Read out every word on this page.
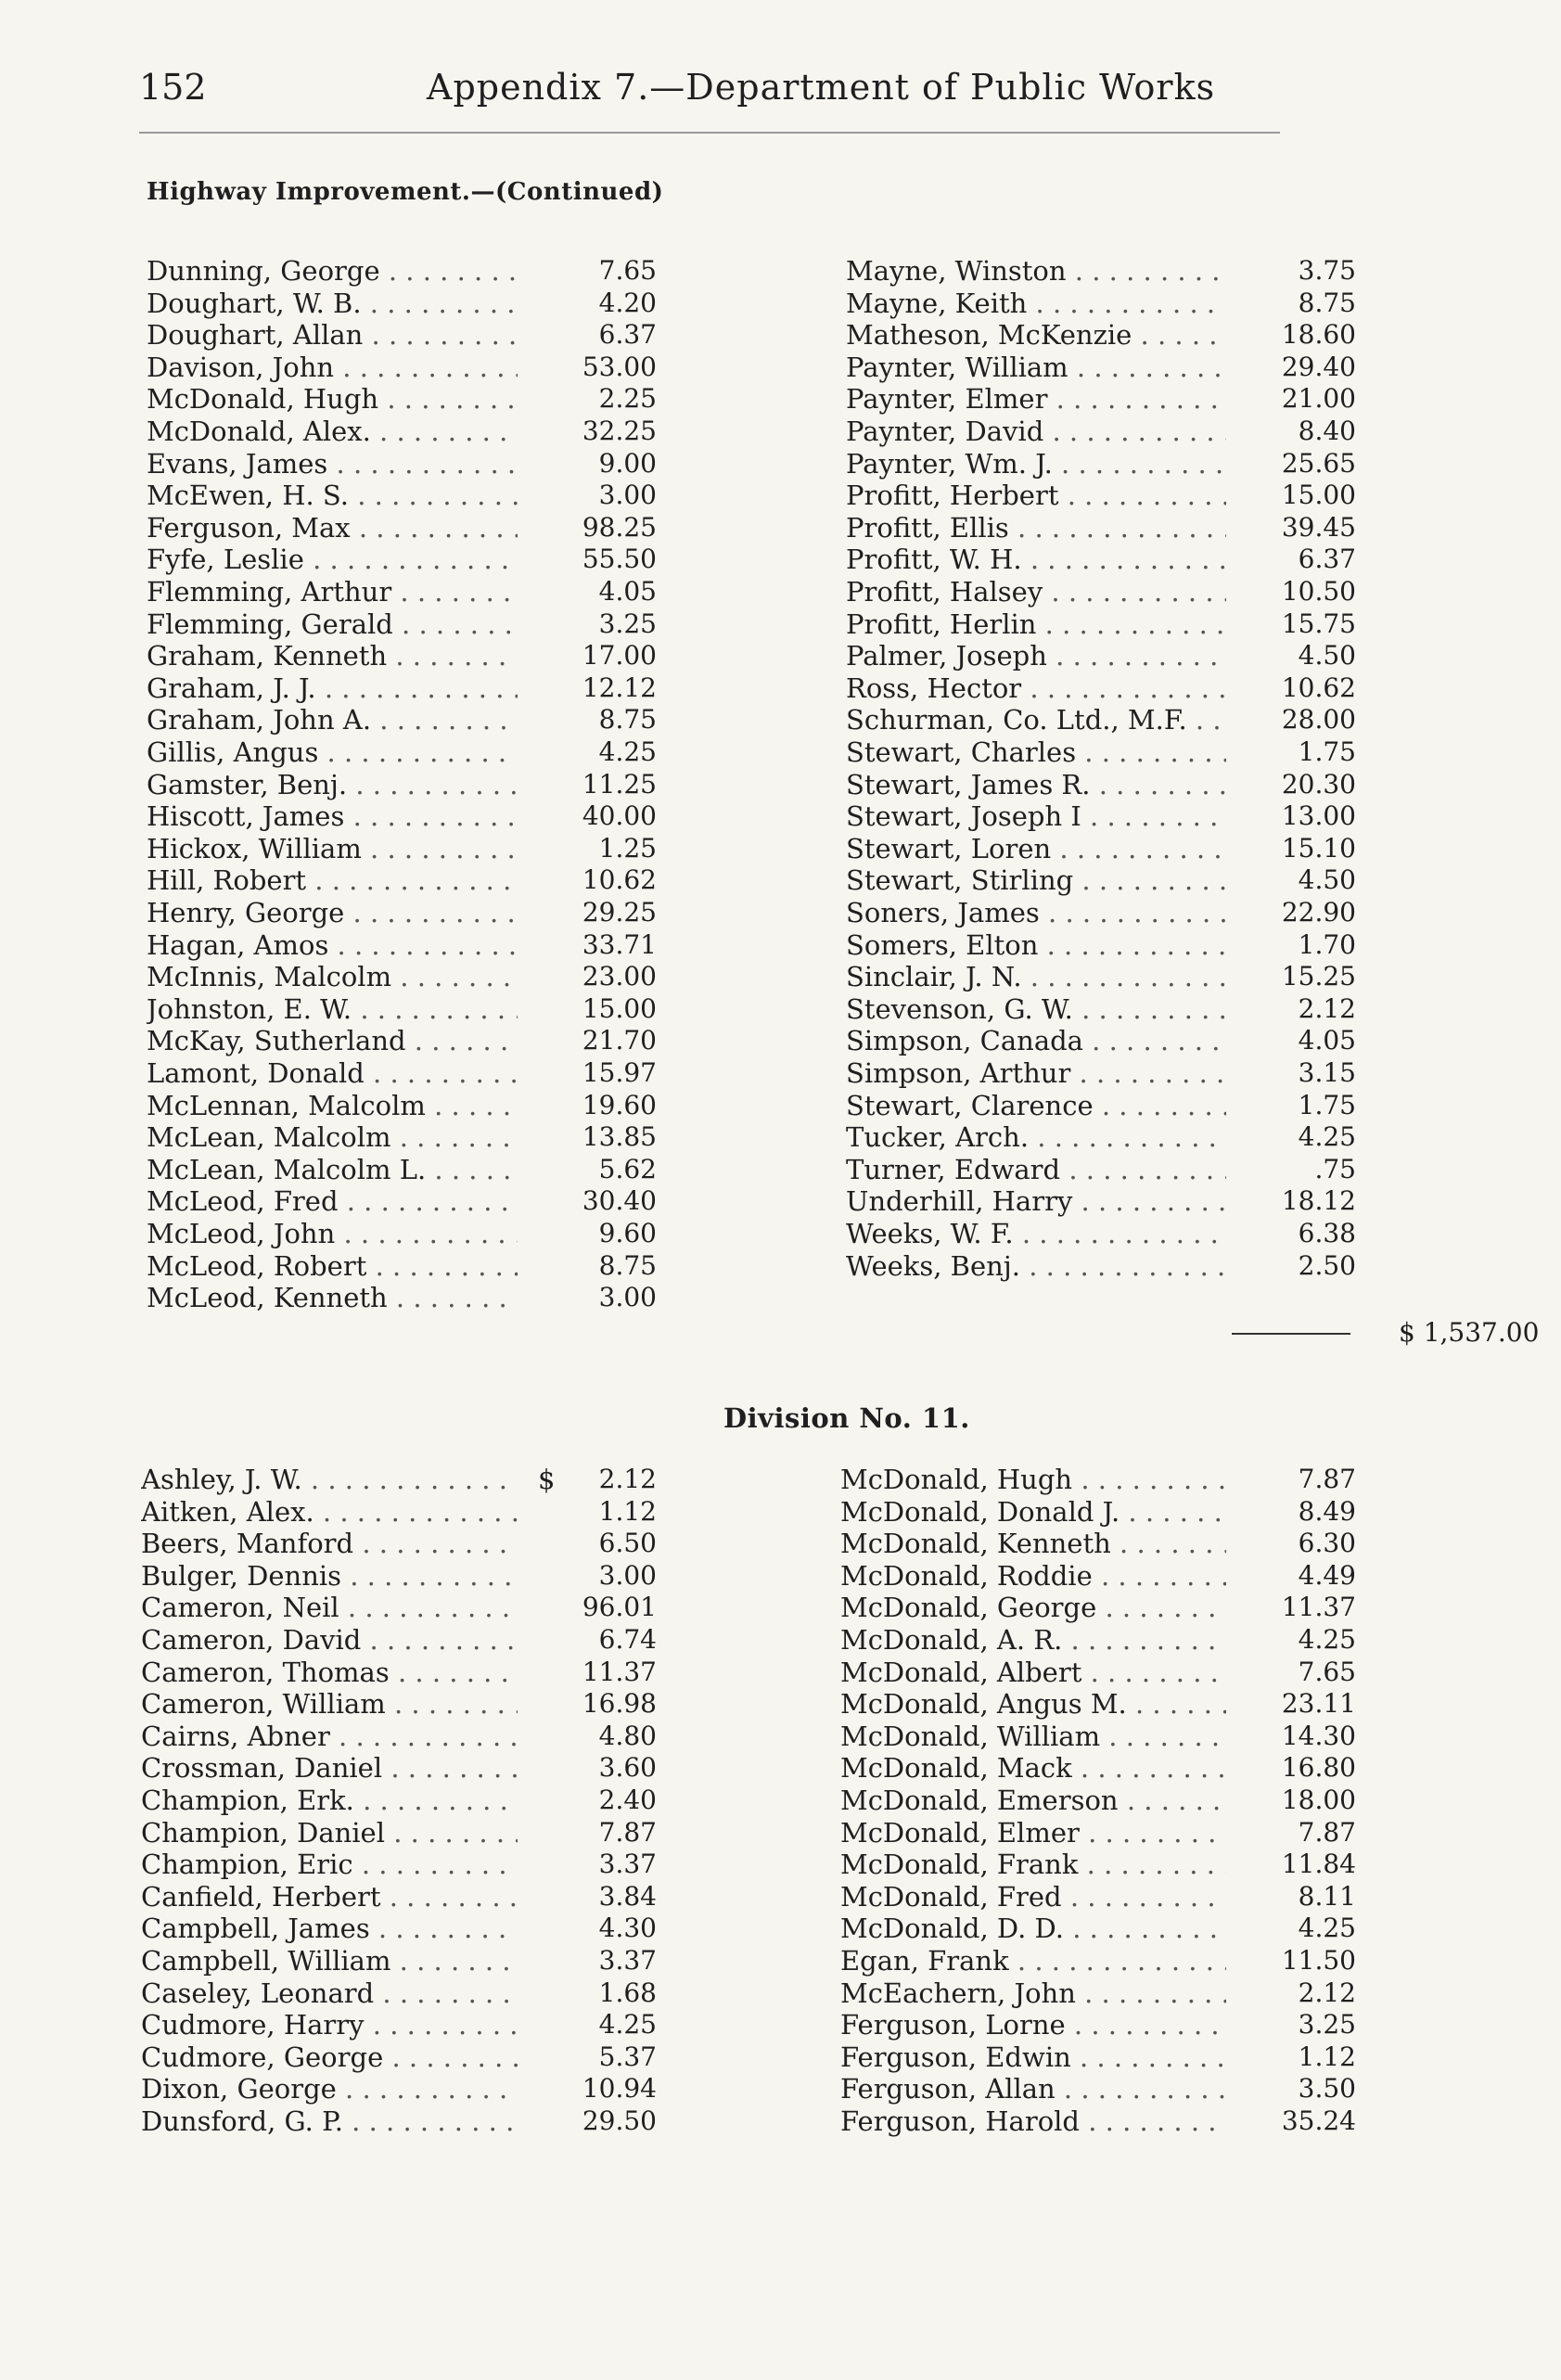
152	Appendix 7.—Department of Public Works
Highway Improvement.—(Continued)
Dunning, George . . .	7.65
Doughart, W. B. . . .	4.20
Doughart, Allan . . .	6.37
Davison, John . . .	53.00
McDonald, Hugh . . .	2.25
McDonald, Alex. . . .	32.25
Evans, James . . .	9.00
McEwen, H. S. . . .	3.00
Ferguson, Max . . .	98.25
Fyfe, Leslie . . .	55.50
Flemming, Arthur . . .	4.05
Flemming, Gerald . . .	3.25
Graham, Kenneth . . .	17.00
Graham, J. J. . . .	12.12
Graham, John A. . . .	8.75
Gillis, Angus . . .	4.25
Gamster, Benj. . . .	11.25
Hiscott, James . . .	40.00
Hickox, William . . .	1.25
Hill, Robert . . .	10.62
Henry, George . . .	29.25
Hagan, Amos . . .	33.71
McInnis, Malcolm . . .	23.00
Johnston, E. W. . . .	15.00
McKay, Sutherland . . .	21.70
Lamont, Donald . . .	15.97
McLennan, Malcolm . . .	19.60
McLean, Malcolm . . .	13.85
McLean, Malcolm L. . . .	5.62
McLeod, Fred . . .	30.40
McLeod, John . . .	9.60
McLeod, Robert . . .	8.75
McLeod, Kenneth . . .	3.00
Mayne, Winston . . .	3.75
Mayne, Keith . . .	8.75
Matheson, McKenzie . . .	18.60
Paynter, William . . .	29.40
Paynter, Elmer . . .	21.00
Paynter, David . . .	8.40
Paynter, Wm. J. . . .	25.65
Profitt, Herbert . . .	15.00
Profitt, Ellis . . .	39.45
Profitt, W. H. . . .	6.37
Profitt, Halsey . . .	10.50
Profitt, Herlin . . .	15.75
Palmer, Joseph . . .	4.50
Ross, Hector . . .	10.62
Schurman, Co. Ltd., M.F. . . .	28.00
Stewart, Charles . . .	1.75
Stewart, James R. . . .	20.30
Stewart, Joseph I . . .	13.00
Stewart, Loren . . .	15.10
Stewart, Stirling . . .	4.50
Soners, James . . .	22.90
Somers, Elton . . .	1.70
Sinclair, J. N. . . .	15.25
Stevenson, G. W. . . .	2.12
Simpson, Canada . . .	4.05
Simpson, Arthur . . .	3.15
Stewart, Clarence . . .	1.75
Tucker, Arch. . . .	4.25
Turner, Edward . . .	.75
Underhill, Harry . . .	18.12
Weeks, W. F. . . .	6.38
Weeks, Benj. . . .	2.50
$ 1,537.00
Division No. 11.
Ashley, J. W. . . .	$	2.12
Aitken, Alex. . . .	1.12
Beers, Manford . . .	6.50
Bulger, Dennis . . .	3.00
Cameron, Neil . . .	96.01
Cameron, David . . .	6.74
Cameron, Thomas . . .	11.37
Cameron, William . . .	16.98
Cairns, Abner . . .	4.80
Crossman, Daniel . . .	3.60
Champion, Erk. . . .	2.40
Champion, Daniel . . .	7.87
Champion, Eric . . .	3.37
Canfield, Herbert . . .	3.84
Campbell, James . . .	4.30
Campbell, William . . .	3.37
Caseley, Leonard . . .	1.68
Cudmore, Harry . . .	4.25
Cudmore, George . . .	5.37
Dixon, George . . .	10.94
Dunsford, G. P. . . .	29.50
McDonald, Hugh . . .	7.87
McDonald, Donald J. . . .	8.49
McDonald, Kenneth . . .	6.30
McDonald, Roddie . . .	4.49
McDonald, George . . .	11.37
McDonald, A. R. . . .	4.25
McDonald, Albert . . .	7.65
McDonald, Angus M. . . .	23.11
McDonald, William . . .	14.30
McDonald, Mack . . .	16.80
McDonald, Emerson . . .	18.00
McDonald, Elmer . . .	7.87
McDonald, Frank . . .	11.84
McDonald, Fred . . .	8.11
McDonald, D. D. . . .	4.25
Egan, Frank . . .	11.50
McEachern, John . . .	2.12
Ferguson, Lorne . . .	3.25
Ferguson, Edwin . . .	1.12
Ferguson, Allan . . .	3.50
Ferguson, Harold . . .	35.24
